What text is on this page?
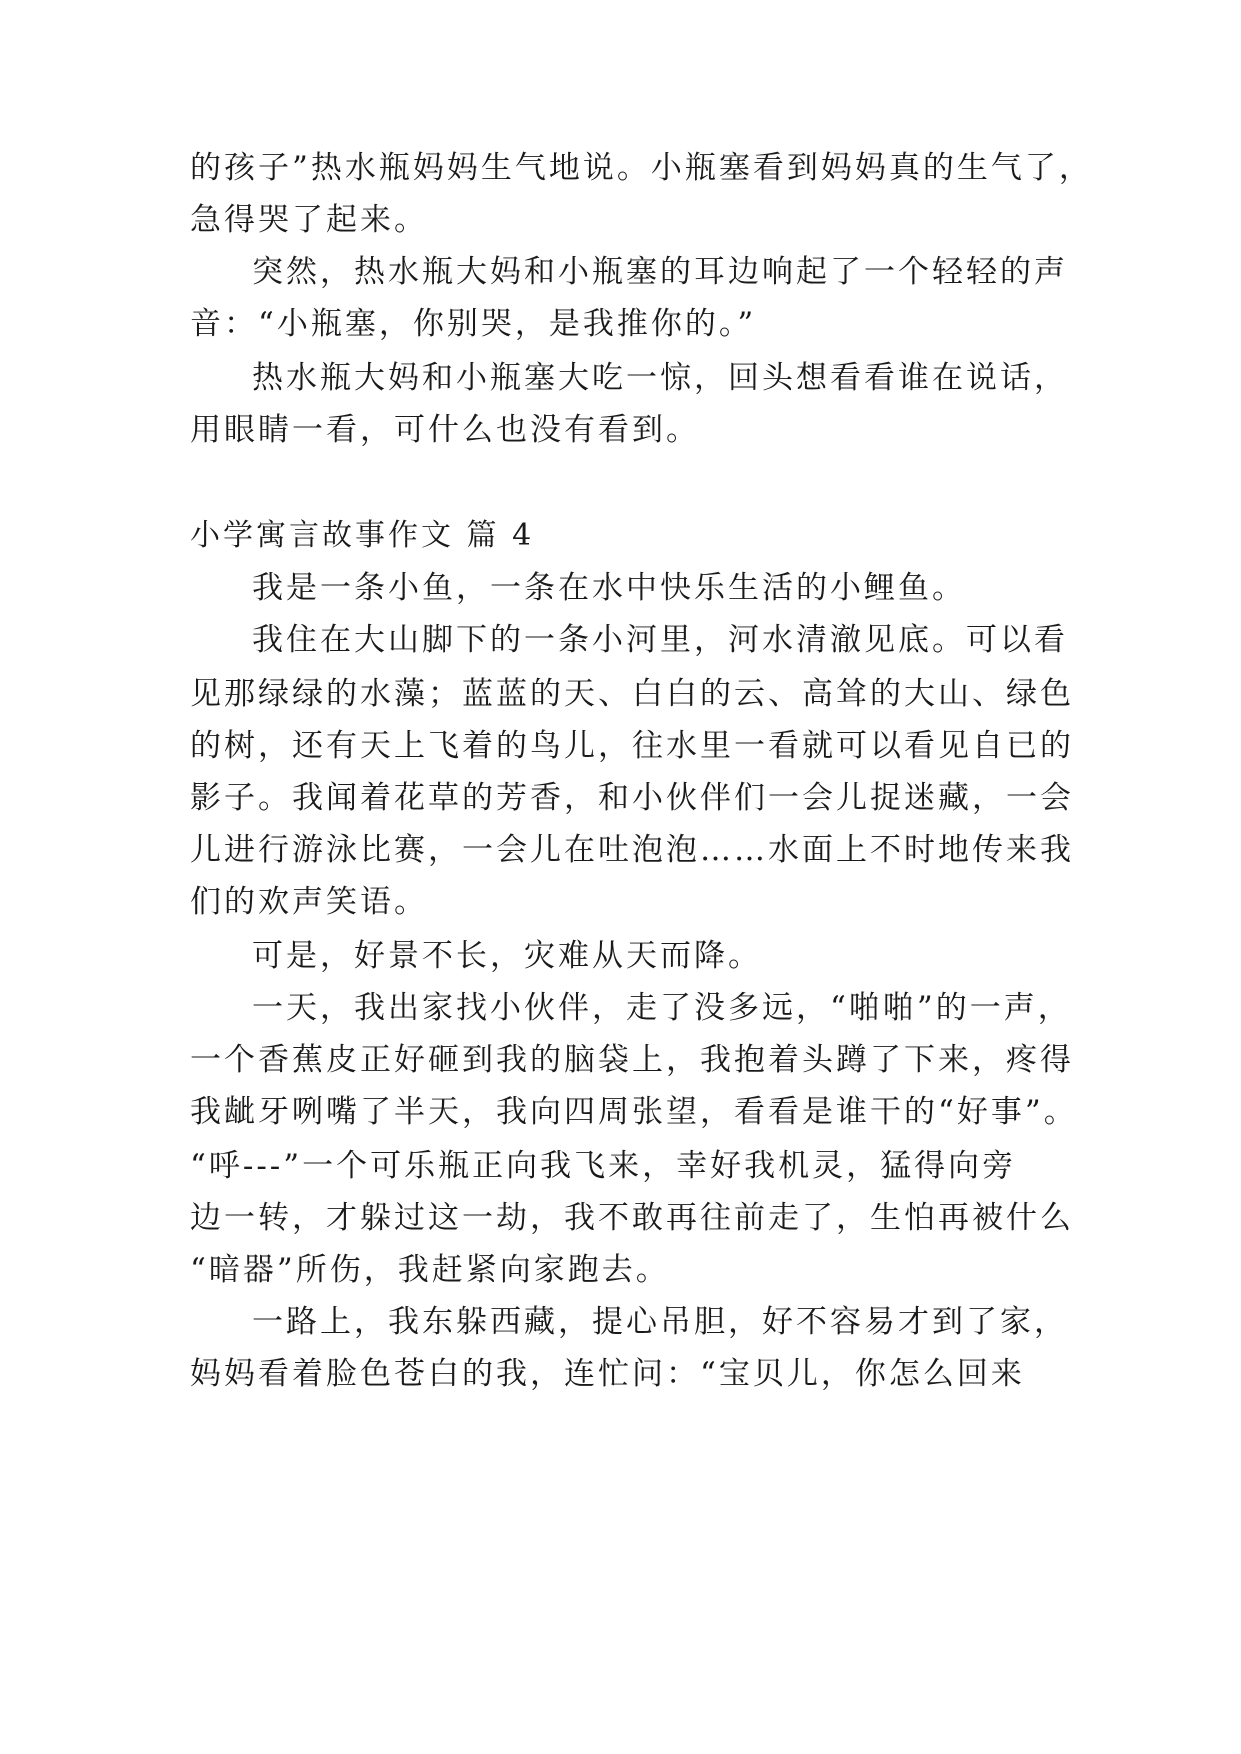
的孩子”热水瓶妈妈生气地说。小瓶塞看到妈妈真的生气了，
急得哭了起来。
突然，热水瓶大妈和小瓶塞的耳边响起了一个轻轻的声
音：“小瓶塞，你别哭，是我推你的。”
热水瓶大妈和小瓶塞大吃一惊，回头想看看谁在说话，
用眼睛一看，可什么也没有看到。
小学寓言故事作文 篇 4
我是一条小鱼，一条在水中快乐生活的小鲤鱼。
我住在大山脚下的一条小河里，河水清澈见底。可以看
见那绿绿的水藻；蓝蓝的天、白白的云、高耸的大山、绿色
的树，还有天上飞着的鸟儿，往水里一看就可以看见自已的
影子。我闻着花草的芳香，和小伙伴们一会儿捉迷藏，一会
儿进行游泳比赛，一会儿在吐泡泡……水面上不时地传来我
们的欢声笑语。
可是，好景不长，灾难从天而降。
一天，我出家找小伙伴，走了没多远，“啪啪”的一声，
一个香蕉皮正好砸到我的脑袋上，我抱着头蹲了下来，疼得
我龇牙咧嘴了半天，我向四周张望，看看是谁干的“好事”。
“呼---”一个可乐瓶正向我飞来，幸好我机灵，猛得向旁
边一转，才躲过这一劫，我不敢再往前走了，生怕再被什么
“暗器”所伤，我赶紧向家跑去。
一路上，我东躲西藏，提心吊胆，好不容易才到了家，
妈妈看着脸色苍白的我，连忙问：“宝贝儿，你怎么回来
